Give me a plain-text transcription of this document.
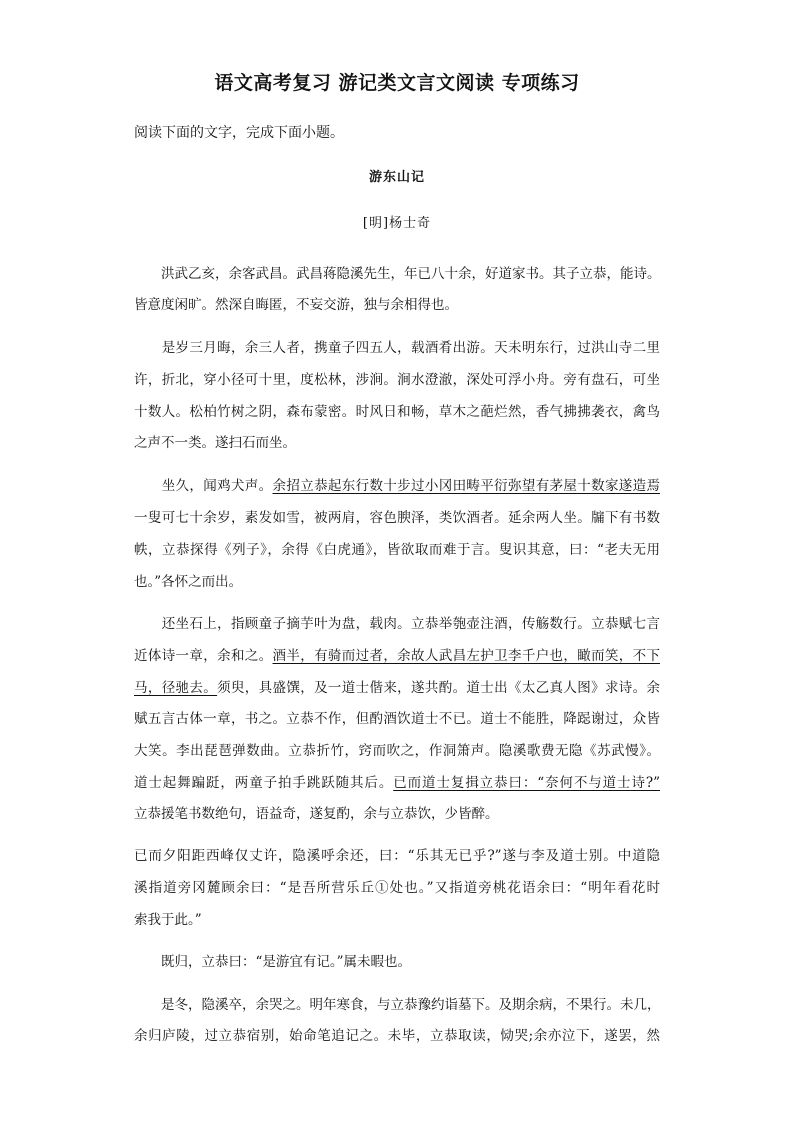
语文高考复习 游记类文言文阅读 专项练习
阅读下面的文字，完成下面小题。
游东山记
[明]杨士奇
　　洪武乙亥，余客武昌。武昌蒋隐溪先生，年已八十余，好道家书。其子立恭，能诗。
皆意度闲旷。然深自晦匿，不妄交游，独与余相得也。
　　是岁三月晦，余三人者，携童子四五人，载酒肴出游。天未明东行，过洪山寺二里
许，折北，穿小径可十里，度松林，涉涧。涧水澄澈，深处可浮小舟。旁有盘石，可坐
十数人。松柏竹树之阴，森布蒙密。时风日和畅，草木之葩烂然，香气拂拂袭衣，禽鸟
之声不一类。遂扫石而坐。
　　坐久，闻鸡犬声。余招立恭起东行数十步过小冈田畴平衍弥望有茅屋十数家遂造焉
一叟可七十余岁，素发如雪，被两肩，容色腴泽，类饮酒者。延余两人坐。牖下有书数
帙，立恭探得《列子》，余得《白虎通》，皆欲取而难于言。叟识其意，曰：“老夫无用
也。”各怀之而出。
　　还坐石上，指顾童子摘芋叶为盘，载肉。立恭举匏壶注酒，传觞数行。立恭赋七言
近体诗一章，余和之。酒半，有骑而过者，余故人武昌左护卫李千户也，瞰而笑，不下
马，径驰去。须臾，具盛馔，及一道士偕来，遂共酌。道士出《太乙真人图》求诗。余
赋五言古体一章，书之。立恭不作，但酌酒饮道士不已。道士不能胜，降跽谢过，众皆
大笑。李出琵琶弹数曲。立恭折竹，窍而吹之，作洞箫声。隐溪歌费无隐《苏武慢》。
道士起舞蹁跹，两童子拍手跳跃随其后。已而道士复揖立恭曰：“奈何不与道士诗?”
立恭援笔书数绝句，语益奇，遂复酌，余与立恭饮，少皆醉。
已而夕阳距西峰仅丈许，隐溪呼余还，曰：“乐其无已乎?”遂与李及道士别。中道隐
溪指道旁冈麓顾余曰：“是吾所营乐丘①处也。”又指道旁桃花语余曰：“明年看花时
索我于此。”
　　既归，立恭曰：“是游宜有记。”属未暇也。
　　是冬，隐溪卒，余哭之。明年寒食，与立恭豫约诣墓下。及期余病，不果行。未几，
余归庐陵，过立恭宿别，始命笔追记之。未毕，立恭取读，恸哭;余亦泣下，遂罢，然
